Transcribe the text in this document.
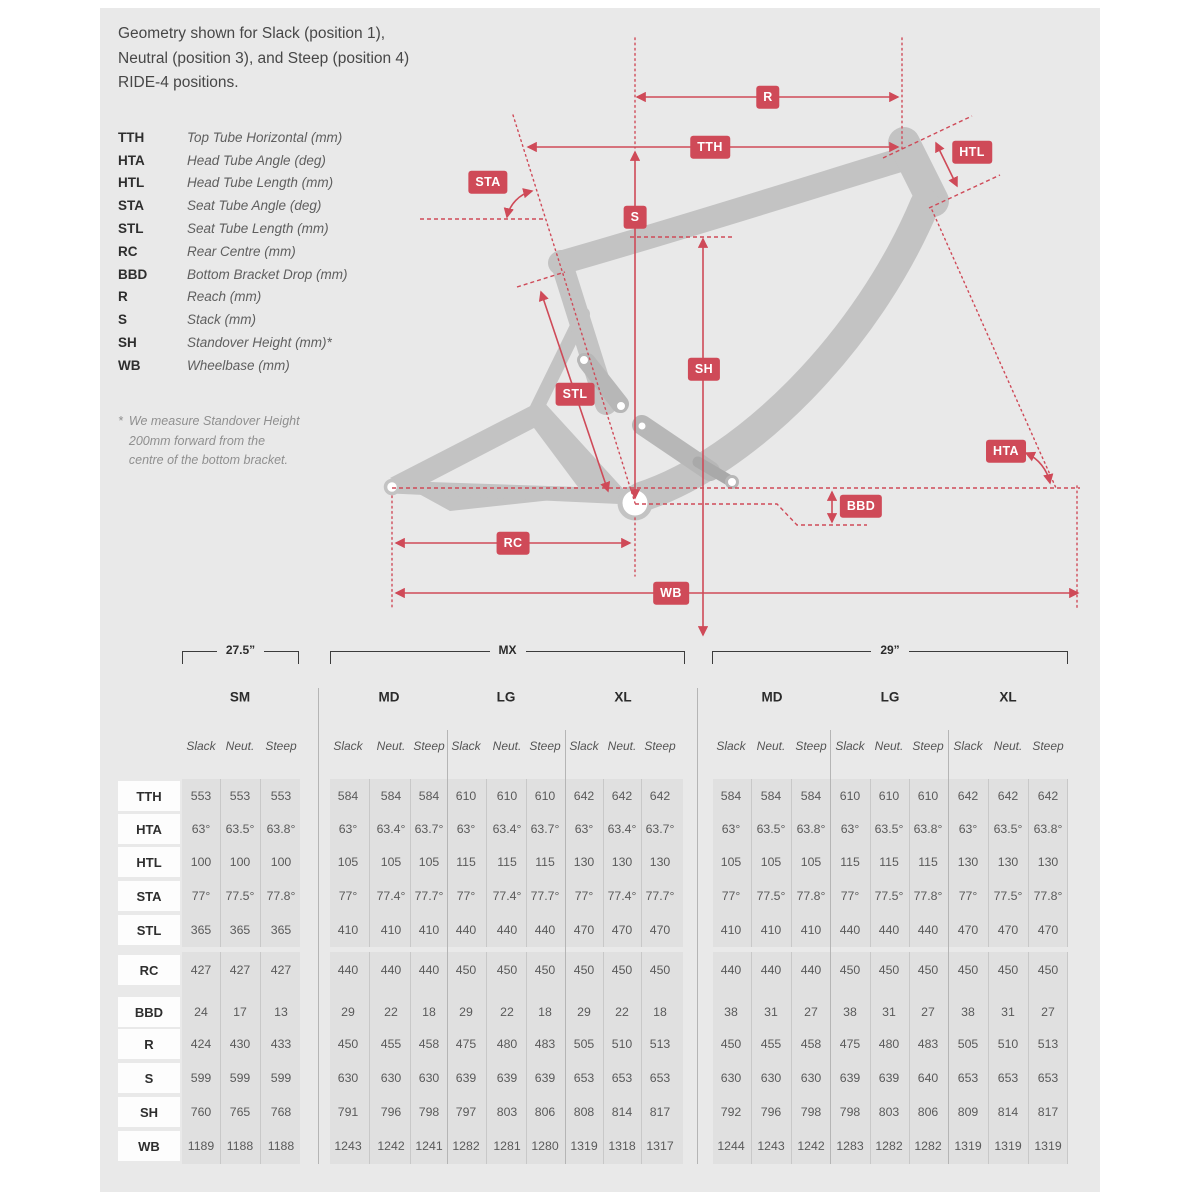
Geometry shown for Slack (position 1),
Neutral (position 3), and Steep (position 4)
RIDE-4 positions.
TTH	Top Tube Horizontal (mm)
HTA	Head Tube Angle (deg)
HTL	Head Tube Length (mm)
STA	Seat Tube Angle (deg)
STL	Seat Tube Length (mm)
RC	Rear Centre (mm)
BBD	Bottom Bracket Drop (mm)
R	Reach (mm)
S	Stack (mm)
SH	Standover Height (mm)*
WB	Wheelbase (mm)
* We measure Standover Height
200mm forward from the
centre of the bottom bracket.
R
TTH	HTL
STA
S
SH
STL
HTA
BBD
RC
WB
27.5”	MX	29”
SM	MD	LG	XL	MD	LG	XL
Slack Neut. Steep	Slack Neut. Steep Slack Neut. Steep Slack Neut. Steep	Slack Neut. Steep Slack Neut. Steep Slack Neut. Steep
TTH	553 553 553	584 584 584 610 610 610 642 642 642	584 584 584 610 610 610 642 642 642
HTA	63° 63.5° 63.8°	63° 63.4° 63.7° 63° 63.4° 63.7° 63° 63.4° 63.7°	63° 63.5° 63.8° 63° 63.5° 63.8° 63° 63.5° 63.8°
HTL	100 100 100	105 105 105 115 115 115 130 130 130	105 105 105 115 115 115 130 130 130
STA	77° 77.5° 77.8°	77° 77.4° 77.7° 77° 77.4° 77.7° 77° 77.4° 77.7°	77° 77.5° 77.8° 77° 77.5° 77.8° 77° 77.5° 77.8°
STL	365 365 365	410 410 410 440 440 440 470 470 470	410 410 410 440 440 440 470 470 470
RC	427 427 427	440 440 440 450 450 450 450 450 450	440 440 440 450 450 450 450 450 450
BBD	24 17 13	29 22 18 29 22 18 29 22 18	38 31 27 38 31 27 38 31 27
R	424 430 433	450 455 458 475 480 483 505 510 513	450 455 458 475 480 483 505 510 513
S	599 599 599	630 630 630 639 639 639 653 653 653	630 630 630 639 639 640 653 653 653
SH	760 765 768	791 796 798 797 803 806 808 814 817	792 796 798 798 803 806 809 814 817
WB	1189 1188 1188	1243 1242 1241 1282 1281 1280 1319 1318 1317	1244 1243 1242 1283 1282 1282 1319 1319 1319
